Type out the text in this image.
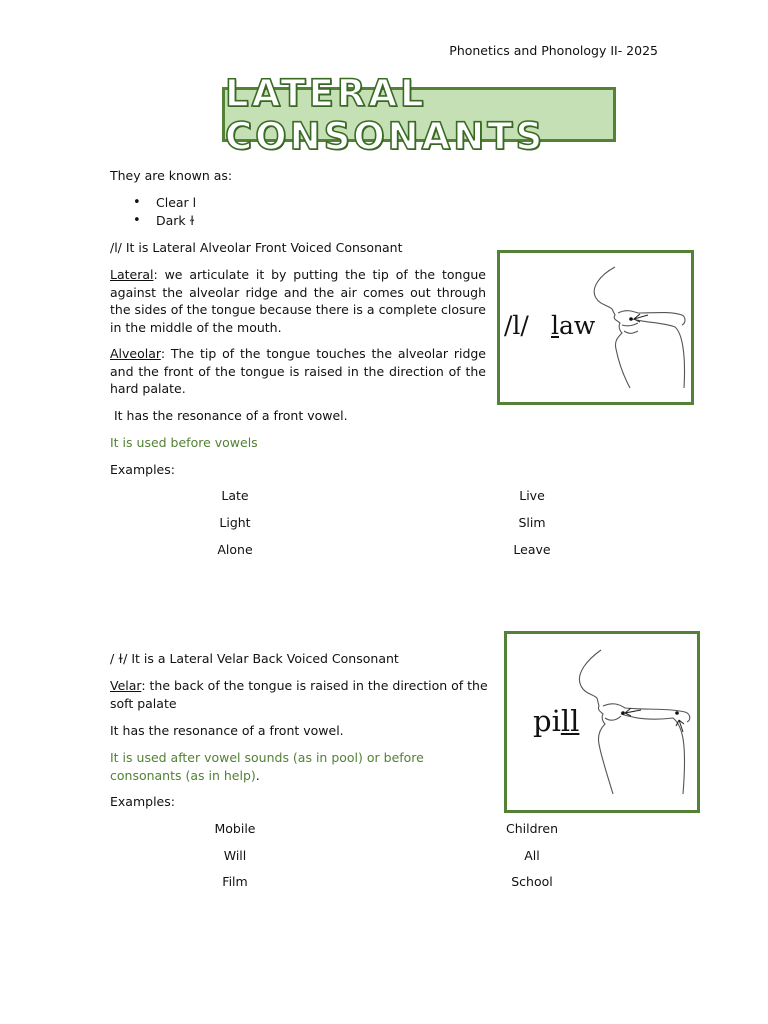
Phonetics and Phonology II- 2025
LATERAL CONSONANTS
They are known as:
• Clear l
• Dark ɫ
/l/ It is Lateral Alveolar Front Voiced Consonant
Lateral: we articulate it by putting the tip of the tongue against the alveolar ridge and the air comes out through the sides of the tongue because there is a complete closure in the middle of the mouth.
Alveolar: The tip of the tongue touches the alveolar ridge and the front of the tongue is raised in the direction of the hard palate.
It has the resonance of a front vowel.
It is used before vowels
Examples:
Late
Light
Alone
Live
Slim
Leave
/l/ law
/ ɫ/ It is a Lateral Velar Back Voiced Consonant
Velar: the back of the tongue is raised in the direction of the soft palate
It has the resonance of a front vowel.
It is used after vowel sounds (as in pool) or before consonants (as in help).
Examples:
Mobile
Will
Film
Children
All
School
pill
